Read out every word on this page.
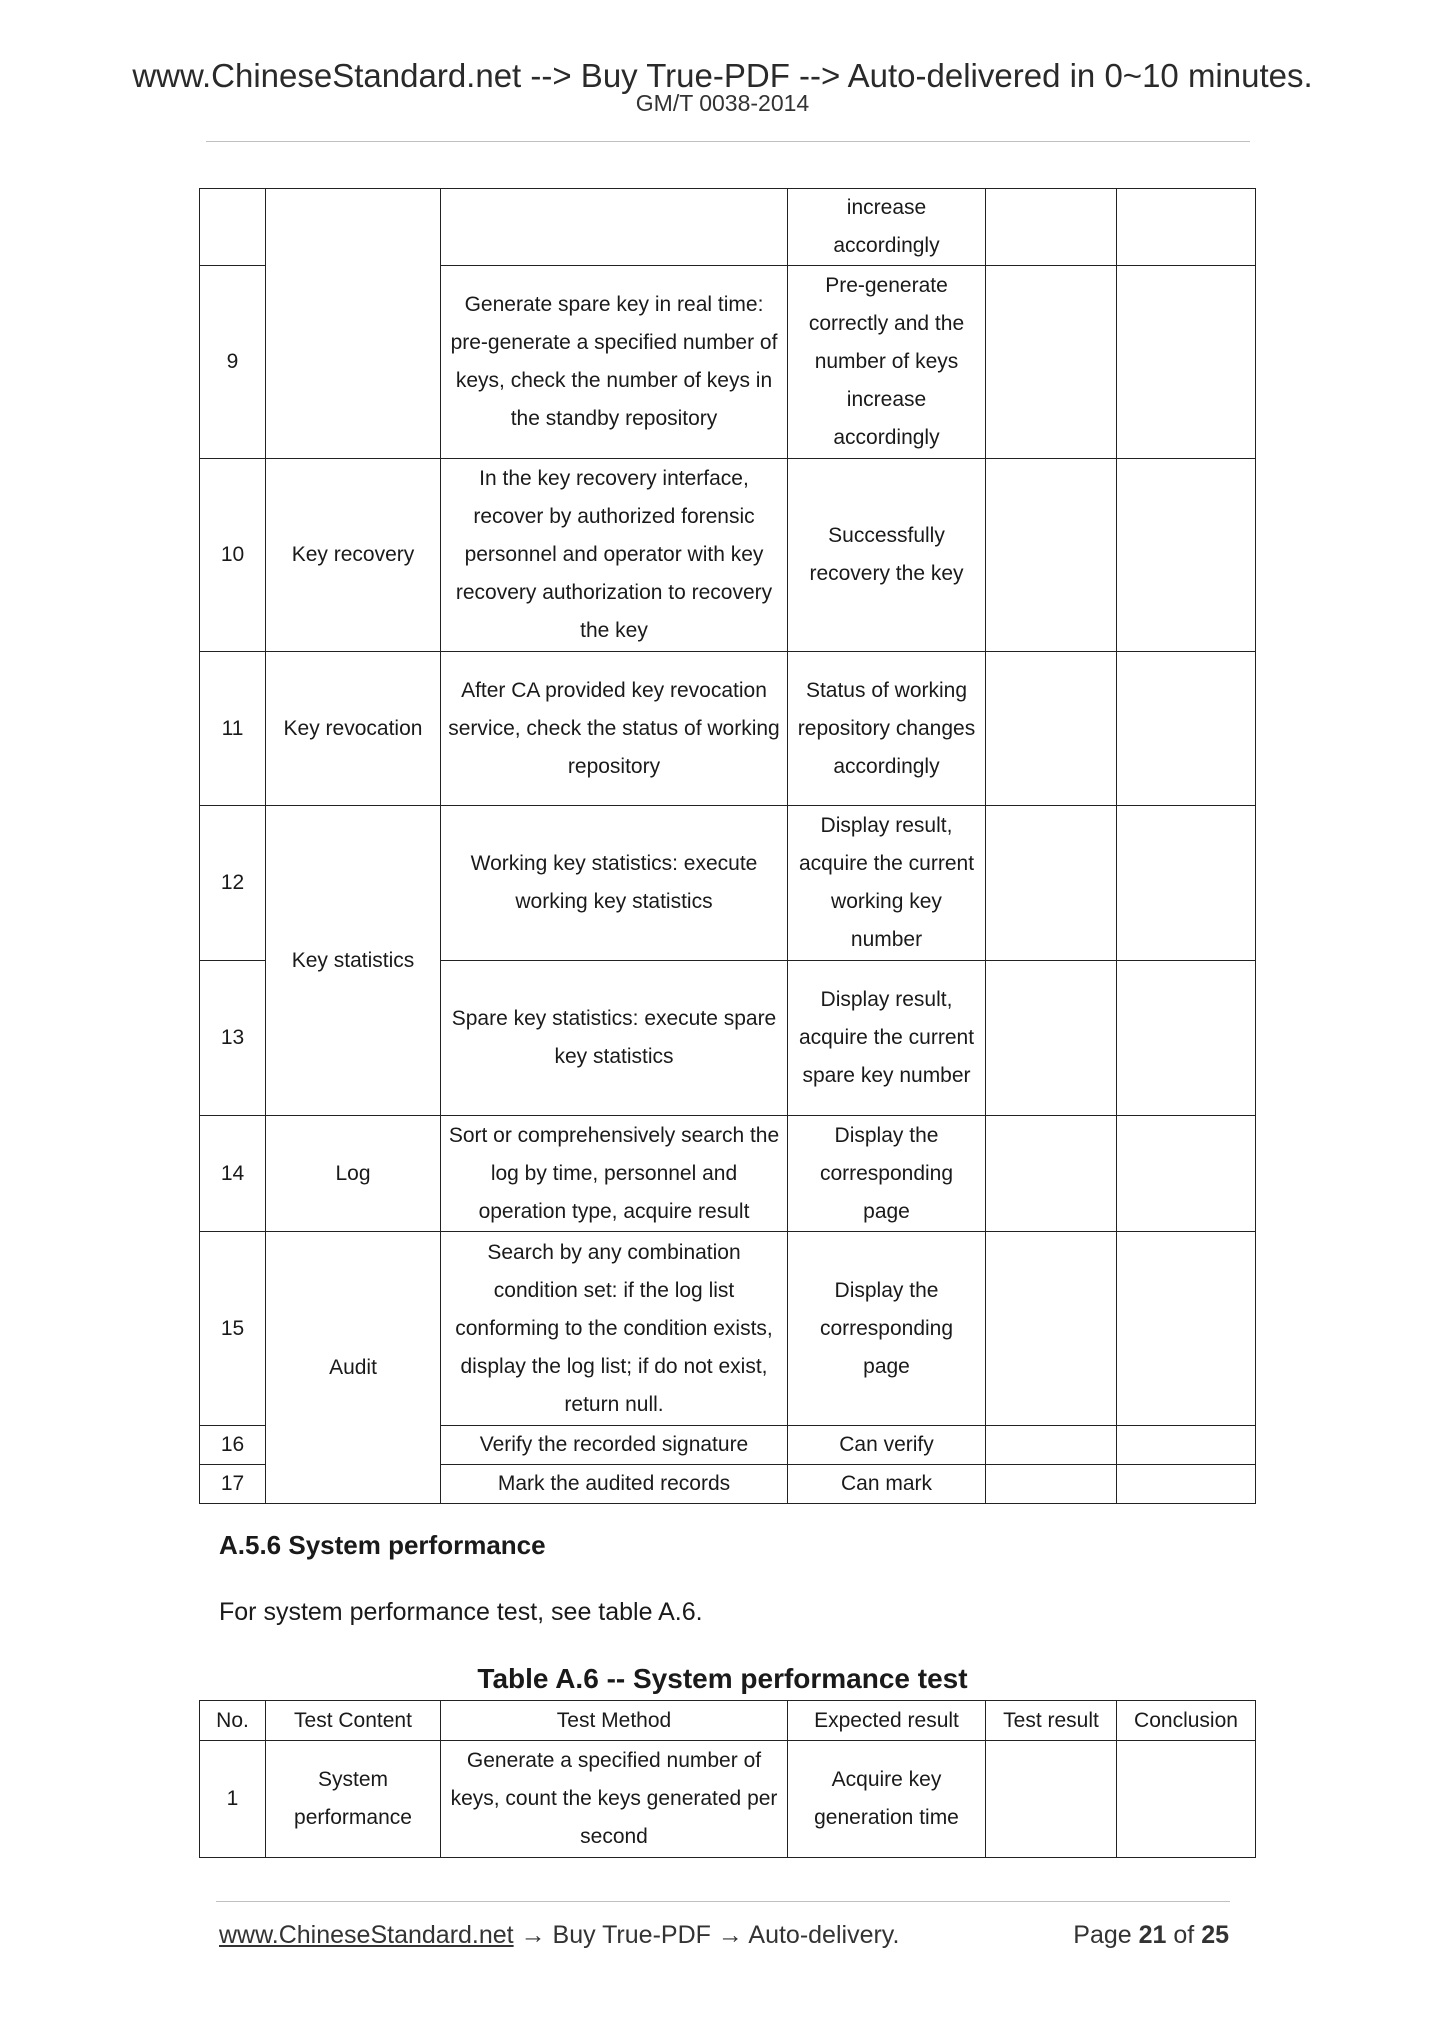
www.ChineseStandard.net --> Buy True-PDF --> Auto-delivered in 0~10 minutes.
GM/T 0038-2014
			increase accordingly		
9		Generate spare key in real time: pre-generate a specified number of keys, check the number of keys in the standby repository	Pre-generate correctly and the number of keys increase accordingly		
10	Key recovery	In the key recovery interface, recover by authorized forensic personnel and operator with key recovery authorization to recovery the key	Successfully recovery the key		
11	Key revocation	After CA provided key revocation service, check the status of working repository	Status of working repository changes accordingly		
12	Key statistics	Working key statistics: execute working key statistics	Display result, acquire the current working key number		
13		Spare key statistics: execute spare key statistics	Display result, acquire the current spare key number		
14	Log	Sort or comprehensively search the log by time, personnel and operation type, acquire result	Display the corresponding page		
15	Audit	Search by any combination condition set: if the log list conforming to the condition exists, display the log list; if do not exist, return null.	Display the corresponding page		
16		Verify the recorded signature	Can verify		
17		Mark the audited records	Can mark		
A.5.6 System performance
For system performance test, see table A.6.
Table A.6 -- System performance test
No.	Test Content	Test Method	Expected result	Test result	Conclusion
1	System performance	Generate a specified number of keys, count the keys generated per second	Acquire key generation time		
www.ChineseStandard.net → Buy True-PDF → Auto-delivery.	Page 21 of 25
